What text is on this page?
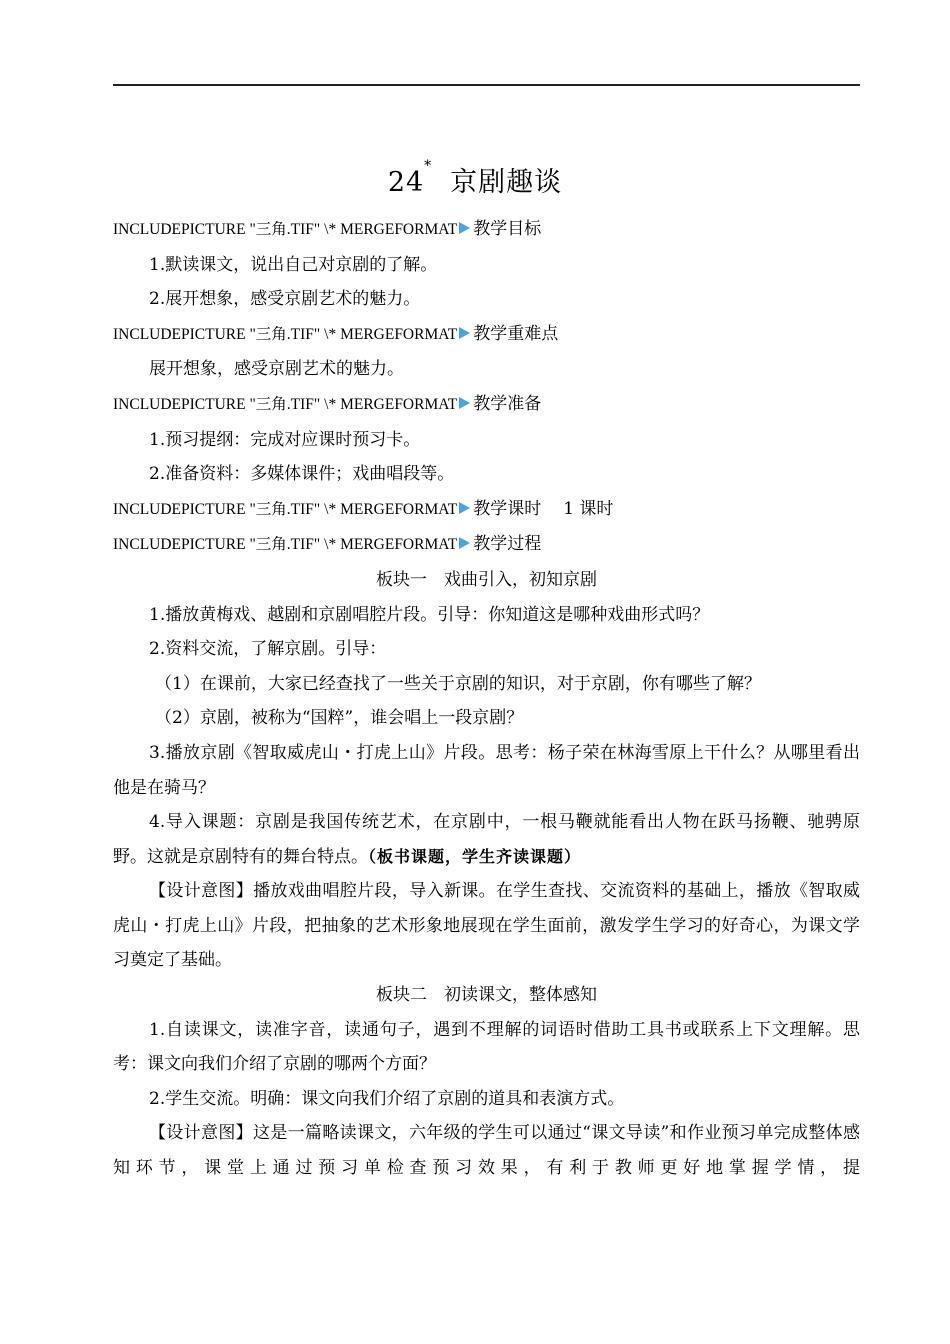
24*京剧趣谈
INCLUDEPICTURE "三角.TIF" \* MERGEFORMAT 教学目标
1.默读课文，说出自己对京剧的了解。
2.展开想象，感受京剧艺术的魅力。
INCLUDEPICTURE "三角.TIF" \* MERGEFORMAT 教学重难点
展开想象，感受京剧艺术的魅力。
INCLUDEPICTURE "三角.TIF" \* MERGEFORMAT 教学准备
1.预习提纲：完成对应课时预习卡。
2.准备资料：多媒体课件；戏曲唱段等。
INCLUDEPICTURE "三角.TIF" \* MERGEFORMAT 教学课时 1 课时
INCLUDEPICTURE "三角.TIF" \* MERGEFORMAT 教学过程
板块一　戏曲引入，初知京剧
1.播放黄梅戏、越剧和京剧唱腔片段。引导：你知道这是哪种戏曲形式吗？
2.资料交流，了解京剧。引导：
（1）在课前，大家已经查找了一些关于京剧的知识，对于京剧，你有哪些了解？
（2）京剧，被称为“国粹”，谁会唱上一段京剧？
3.播放京剧《智取威虎山・打虎上山》片段。思考：杨子荣在林海雪原上干什么？从哪里看出他是在骑马？
4.导入课题：京剧是我国传统艺术，在京剧中，一根马鞭就能看出人物在跃马扬鞭、驰骋原野。这就是京剧特有的舞台特点。（板书课题，学生齐读课题）
【设计意图】播放戏曲唱腔片段，导入新课。在学生查找、交流资料的基础上，播放《智取威虎山・打虎上山》片段，把抽象的艺术形象地展现在学生面前，激发学生学习的好奇心，为课文学习奠定了基础。
板块二　初读课文，整体感知
1.自读课文，读准字音，读通句子，遇到不理解的词语时借助工具书或联系上下文理解。思考：课文向我们介绍了京剧的哪两个方面？
2.学生交流。明确：课文向我们介绍了京剧的道具和表演方式。
【设计意图】这是一篇略读课文，六年级的学生可以通过“课文导读”和作业预习单完成整体感知环节，课堂上通过预习单检查预习效果，有利于教师更好地掌握学情，提
